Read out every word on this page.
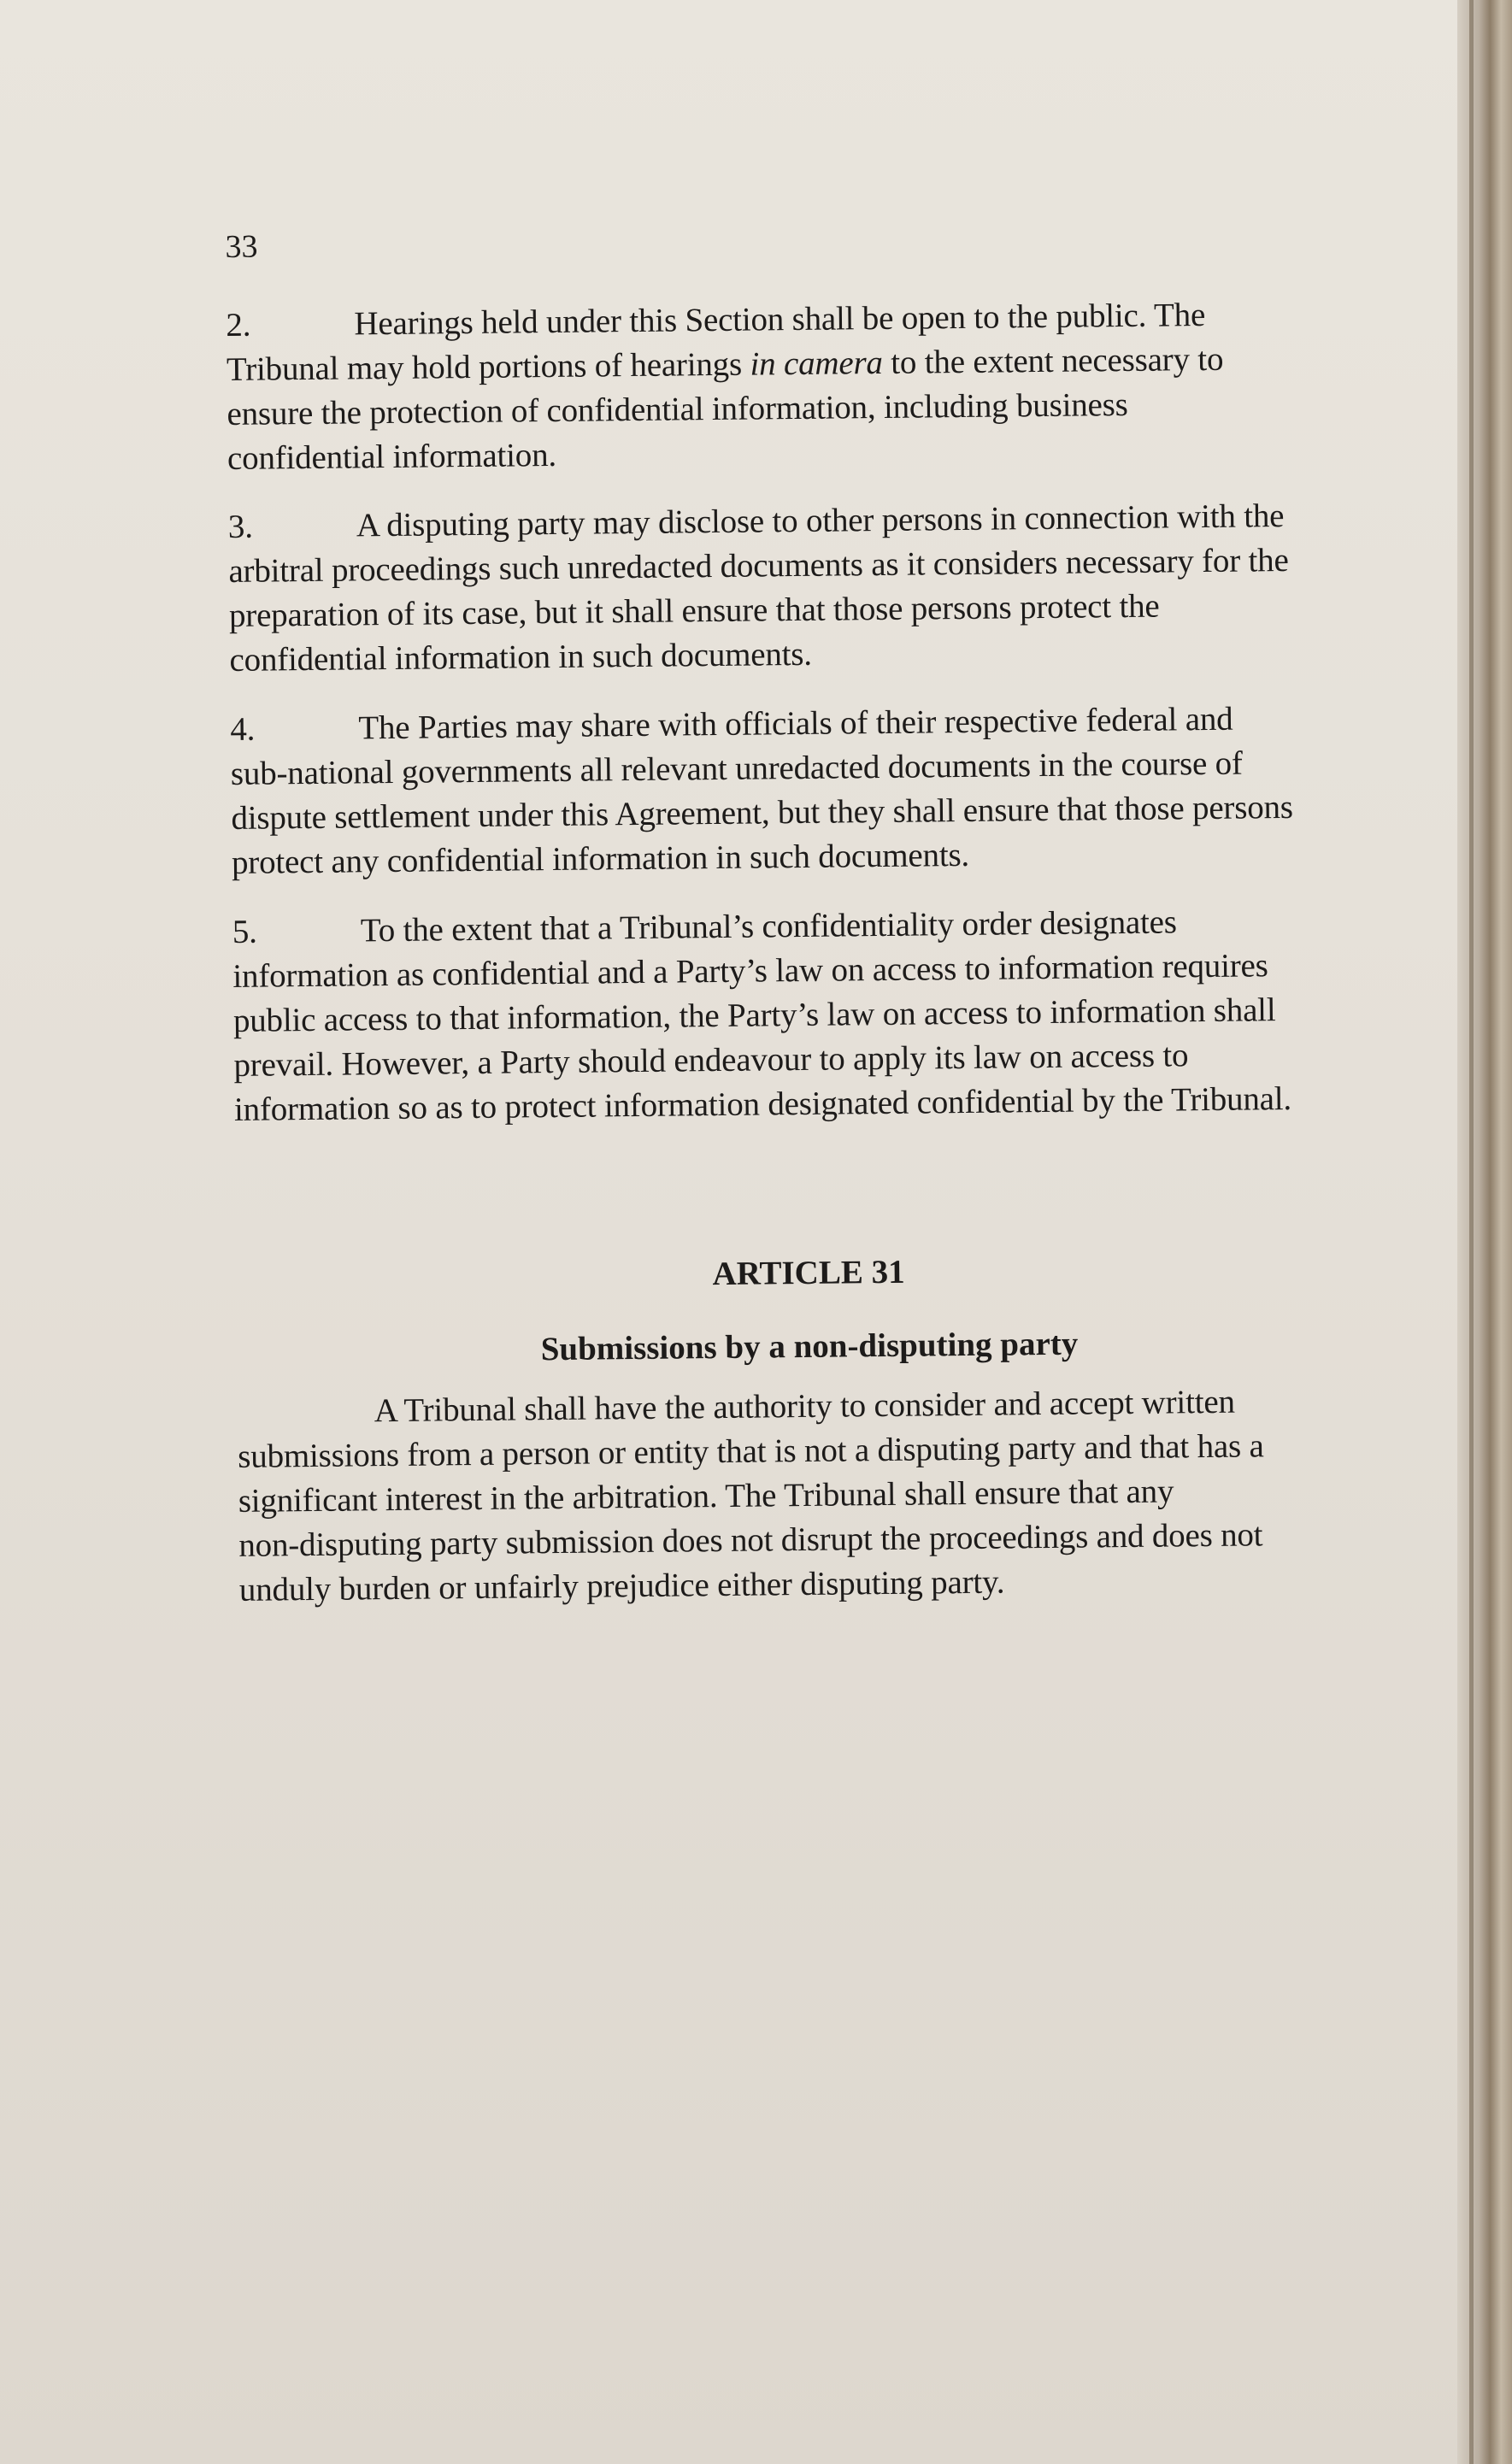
33
2.	Hearings held under this Section shall be open to the public. The
Tribunal may hold portions of hearings in camera to the extent necessary to
ensure the protection of confidential information, including business
confidential information.
3.	A disputing party may disclose to other persons in connection with the
arbitral proceedings such unredacted documents as it considers necessary for the
preparation of its case, but it shall ensure that those persons protect the
confidential information in such documents.
4.	The Parties may share with officials of their respective federal and
sub-national governments all relevant unredacted documents in the course of
dispute settlement under this Agreement, but they shall ensure that those persons
protect any confidential information in such documents.
5.	To the extent that a Tribunal’s confidentiality order designates
information as confidential and a Party’s law on access to information requires
public access to that information, the Party’s law on access to information shall
prevail. However, a Party should endeavour to apply its law on access to
information so as to protect information designated confidential by the Tribunal.
ARTICLE 31
Submissions by a non-disputing party
A Tribunal shall have the authority to consider and accept written
submissions from a person or entity that is not a disputing party and that has a
significant interest in the arbitration. The Tribunal shall ensure that any
non-disputing party submission does not disrupt the proceedings and does not
unduly burden or unfairly prejudice either disputing party.
